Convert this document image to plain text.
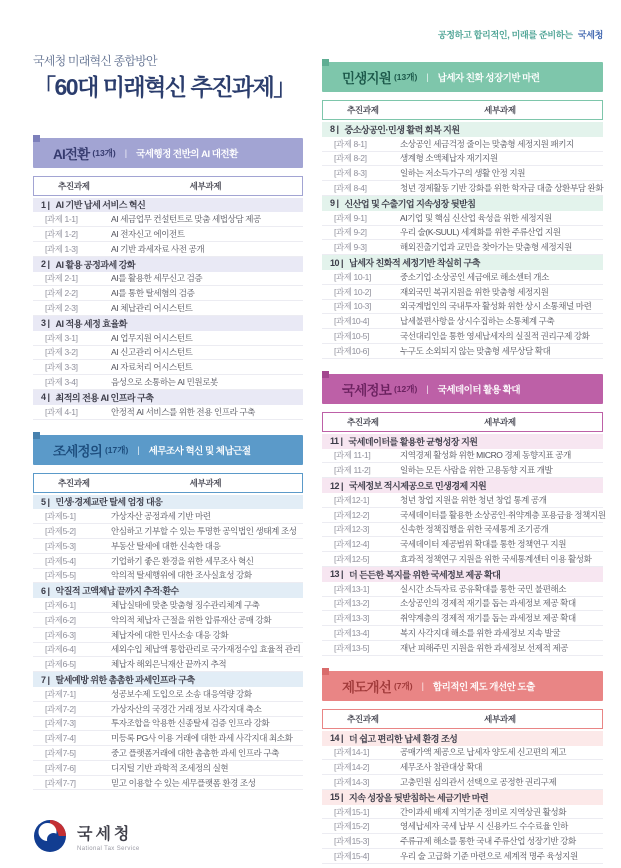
국세청 미래혁신 종합방안
「60대 미래혁신 추진과제」
AI전환 (13개) | 국세행정 전반의 AI 대전환
추진과제	세부과제
1 | AI 기반 납세 서비스 혁신
[과제 1-1]	AI 세금업무 컨설턴트로 맞춤 세법상담 제공
[과제 1-2]	AI 전자신고 에이전트
[과제 1-3]	AI 기반 과세자료 사전 공개
2 | AI 활용 공정과세 강화
[과제 2-1]	AI를 활용한 세무신고 검증
[과제 2-2]	AI를 통한 탈세혐의 검증
[과제 2-3]	AI 체납관리 어시스턴트
3 | AI 적용 세정 효율화
[과제 3-1]	AI 업무지원 어시스턴트
[과제 3-2]	AI 신고관리 어시스턴트
[과제 3-3]	AI 자료처리 어시스턴트
[과제 3-4]	음성으로 소통하는 AI 민원로봇
4 | 최적의 전용 AI 인프라 구축
[과제 4-1]	안정적 AI 서비스를 위한 전용 인프라 구축
조세정의 (17개) | 세무조사 혁신 및 체납근절
추진과제	세부과제
5 | 민생·경제교란 탈세 엄정 대응
[과제5-1]	가상자산 공정과세 기반 마련
[과제5-2]	안심하고 기부할 수 있는 투명한 공익법인 생태계 조성
[과제5-3]	부동산 탈세에 대한 신속한 대응
[과제5-4]	기업하기 좋은 환경을 위한 세무조사 혁신
[과제5-5]	악의적 탈세행위에 대한 조사실효성 강화
6 | 악질적 고액체납 끝까지 추적·환수
[과제6-1]	체납실태에 맞춘 맞춤형 징수관리체계 구축
[과제6-2]	악의적 체납자 근절을 위한 압류재산 공매 강화
[과제6-3]	체납자에 대한 민사소송 대응 강화
[과제6-4]	세외수입 체납액 통합관리로 국가재정수입 효율적 관리
[과제6-5]	체납자 해외은닉재산 끝까지 추적
7 | 탈세예방 위한 촘촘한 과세인프라 구축
[과제7-1]	성공보수제 도입으로 소송 대응역량 강화
[과제7-2]	가상자산의 국경간 거래 정보 사각지대 축소
[과제7-3]	투자조합을 악용한 신종탈세 검증 인프라 강화
[과제7-4]	미등록 PG사 이용 거래에 대한 과세 사각지대 최소화
[과제7-5]	중고 플랫폼거래에 대한 촘촘한 과세 인프라 구축
[과제7-6]	디지털 기반 과학적 조세정의 실현
[과제7-7]	믿고 이용할 수 있는 세무플랫폼 환경 조성
공정하고 합리적인, 미래를 준비하는 국세청
민생지원 (13개) | 납세자 친화 성장기반 마련
추진과제	세부과제
8 | 중소상공인·민생 활력 회복 지원
[과제 8-1]	소상공인 세금걱정 줄이는 맞춤형 세정지원 패키지
[과제 8-2]	생계형 소액체납자 재기지원
[과제 8-3]	일하는 저소득가구의 생활 안정 지원
[과제 8-4]	청년 경제활동 기반 강화를 위한 학자금 대출 상환부담 완화
9 | 신산업 및 수출기업 지속성장 뒷받침
[과제 9-1]	AI기업 및 핵심 신산업 육성을 위한 세정지원
[과제 9-2]	우리 술(K-SUUL) 세계화를 위한 주류산업 지원
[과제 9-3]	해외진출기업과 교민을 찾아가는 맞춤형 세정지원
10 | 납세자 친화적 세정기반 착실히 구축
[과제 10-1]	중소기업·소상공인 세금애로 해소센터 개소
[과제 10-2]	재외국민 복귀지원을 위한 맞춤형 세정지원
[과제 10-3]	외국계법인의 국내투자 활성화 위한 상시 소통채널 마련
[과제10-4]	납세불편사항을 상시수집하는 소통체계 구축
[과제10-5]	국선대리인을 통한 영세납세자의 실질적 권리구제 강화
[과제10-6]	누구도 소외되지 않는 맞춤형 세무상담 확대
국세정보 (12개) | 국세데이터 활용 확대
추진과제	세부과제
11 | 국세데이터를 활용한 균형성장 지원
[과제 11-1]	지역경제 활성화 위한 MICRO 경제 동향지표 공개
[과제 11-2]	일하는 모든 사람을 위한 고용동향 지표 개발
12 | 국세정보 적시제공으로 민생경제 지원
[과제12-1]	청년 창업 지원을 위한 청년 창업 통계 공개
[과제12-2]	국세데이터를 활용한 소상공인·취약계층 포용금융 정책지원
[과제12-3]	신속한 정책집행을 위한 국세통계 조기공개
[과제12-4]	국세데이터 제공범위 확대를 통한 정책연구 지원
[과제12-5]	효과적 정책연구 지원을 위한 국세통계센터 이용 활성화
13 | 더 든든한 복지를 위한 국세정보 제공 확대
[과제13-1]	실시간 소득자료 공유확대를 통한 국민 불편해소
[과제13-2]	소상공인의 경제적 재기를 돕는 과세정보 제공 확대
[과제13-3]	취약계층의 경제적 재기를 돕는 과세정보 제공 확대
[과제13-4]	복지 사각지대 해소를 위한 과세정보 지속 발굴
[과제13-5]	재난 피해주민 지원을 위한 과세정보 선제적 제공
제도개선 (7개) | 합리적인 제도 개선안 도출
추진과제	세부과제
14 | 더 쉽고 편리한 납세 환경 조성
[과제14-1]	공매가액 제공으로 납세자 양도세 신고편의 제고
[과제14-2]	세무조사 참관대상 확대
[과제14-3]	고충민원 심의관서 선택으로 공정한 권리구제
15 | 지속 성장을 뒷받침하는 세금기반 마련
[과제15-1]	간이과세 배제 지역기준 정비로 지역상권 활성화
[과제15-2]	영세납세자 국세 납부 시 신용카드 수수료율 인하
[과제15-3]	주류규제 해소를 통한 국내 주류산업 성장기반 강화
[과제15-4]	우리 술 고급화 기준 마련으로 세계적 명주 육성지원
국세청
National Tax Service
